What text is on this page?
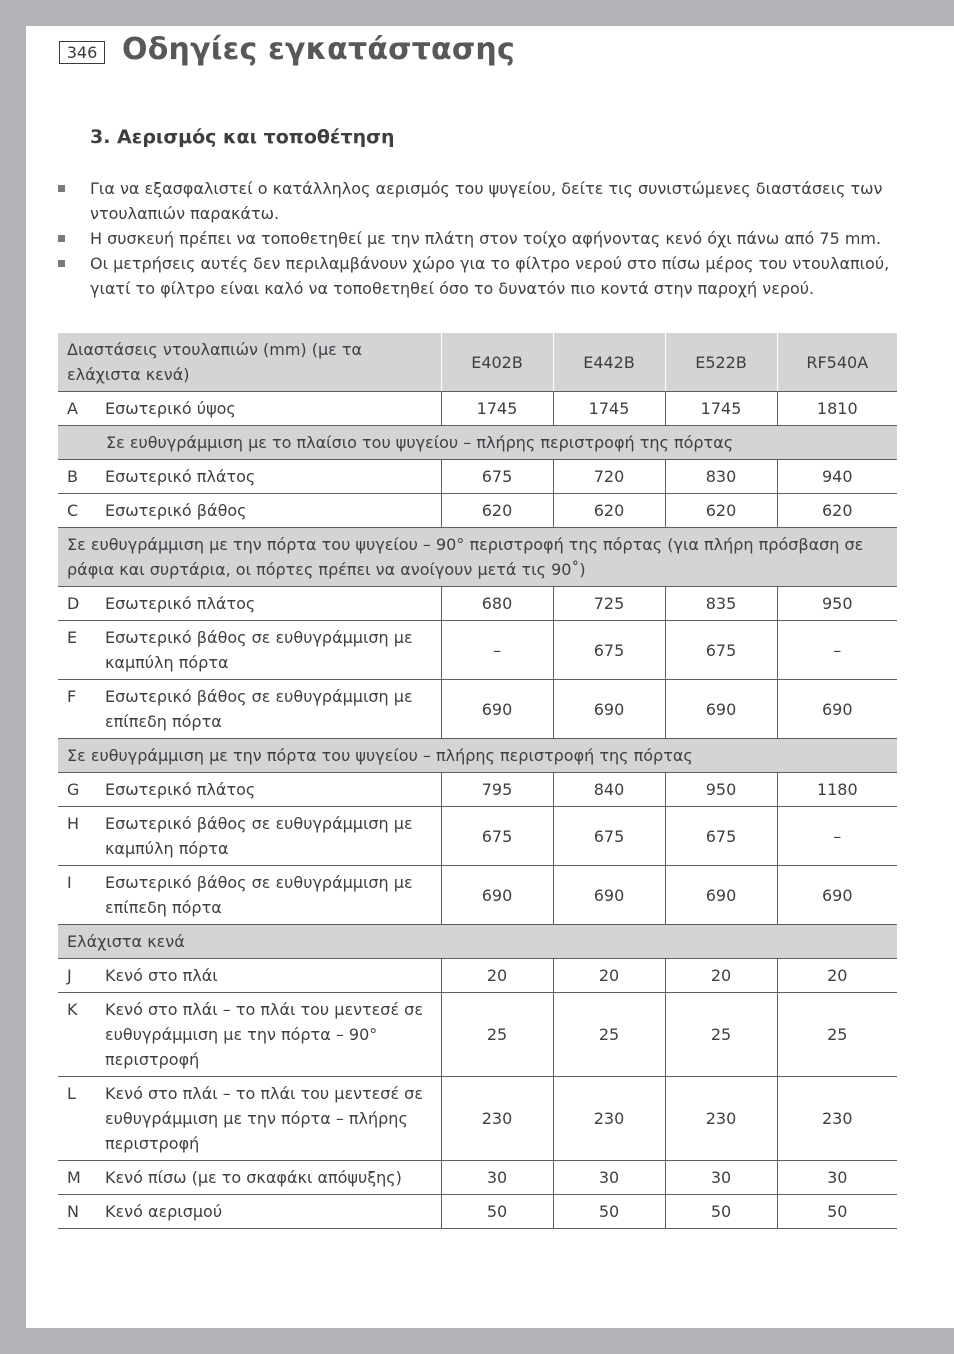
346 Οδηγίες εγκατάστασης
3. Αερισμός και τοποθέτηση
Για να εξασφαλιστεί ο κατάλληλος αερισμός του ψυγείου, δείτε τις συνιστώμενες διαστάσεις των ντουλαπιών παρακάτω.
Η συσκευή πρέπει να τοποθετηθεί με την πλάτη στον τοίχο αφήνοντας κενό όχι πάνω από 75 mm.
Οι μετρήσεις αυτές δεν περιλαμβάνουν χώρο για το φίλτρο νερού στο πίσω μέρος του ντουλαπιού, γιατί το φίλτρο είναι καλό να τοποθετηθεί όσο το δυνατόν πιο κοντά στην παροχή νερού.
Διαστάσεις ντουλαπιών (mm) (με τα ελάχιστα κενά)		E402B	E442B	E522B	RF540A
A	Εσωτερικό ύψος	1745	1745	1745	1810
Σε ευθυγράμμιση με το πλαίσιο του ψυγείου – πλήρης περιστροφή της πόρτας					
B	Εσωτερικό πλάτος	675	720	830	940
C	Εσωτερικό βάθος	620	620	620	620
Σε ευθυγράμμιση με την πόρτα του ψυγείου – 90° περιστροφή της πόρτας (για πλήρη πρόσβαση σε ράφια και συρτάρια, οι πόρτες πρέπει να ανοίγουν μετά τις 90˚)					
D	Εσωτερικό πλάτος	680	725	835	950
E	Εσωτερικό βάθος σε ευθυγράμμιση με καμπύλη πόρτα	–	675	675	–
F	Εσωτερικό βάθος σε ευθυγράμμιση με επίπεδη πόρτα	690	690	690	690
Σε ευθυγράμμιση με την πόρτα του ψυγείου – πλήρης περιστροφή της πόρτας					
G	Εσωτερικό πλάτος	795	840	950	1180
H	Εσωτερικό βάθος σε ευθυγράμμιση με καμπύλη πόρτα	675	675	675	–
I	Εσωτερικό βάθος σε ευθυγράμμιση με επίπεδη πόρτα	690	690	690	690
Ελάχιστα κενά					
J	Κενό στο πλάι	20	20	20	20
K	Κενό στο πλάι – το πλάι του μεντεσέ σε ευθυγράμμιση με την πόρτα – 90° περιστροφή	25	25	25	25
L	Κενό στο πλάι – το πλάι του μεντεσέ σε ευθυγράμμιση με την πόρτα – πλήρης περιστροφή	230	230	230	230
M	Κενό πίσω (με το σκαφάκι απόψυξης)	30	30	30	30
N	Κενό αερισμού	50	50	50	50
